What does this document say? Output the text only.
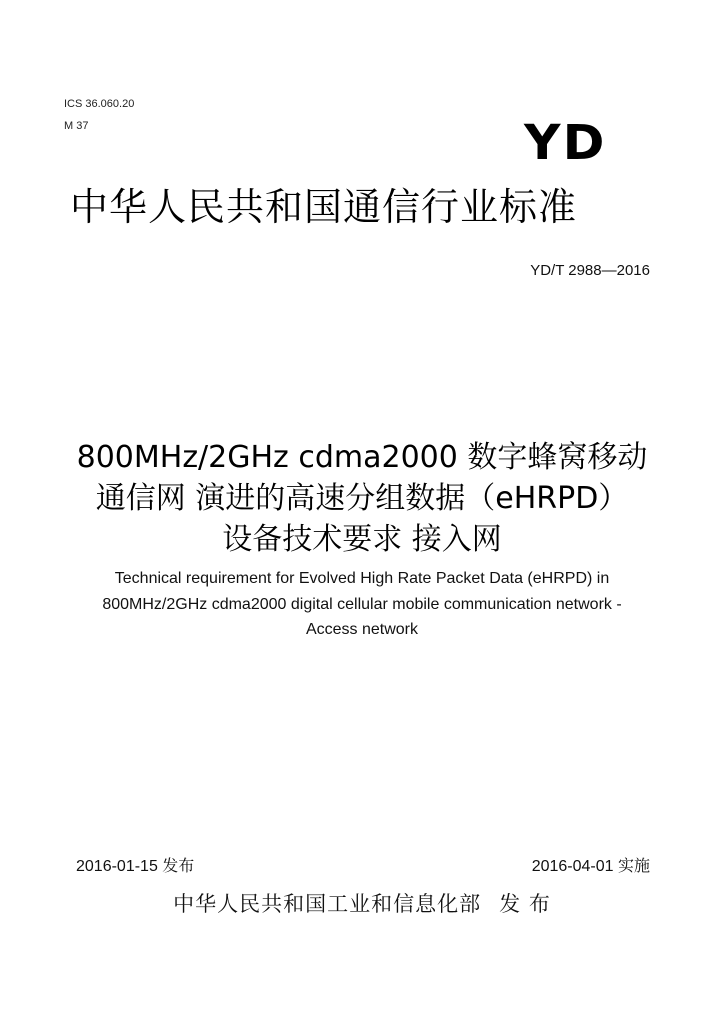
ICS 36.060.20
M 37	YD
中华人民共和国通信行业标准
YD/T 2988—2016
800MHz/2GHz cdma2000 数字蜂窝移动
通信网 演进的高速分组数据（eHRPD）
设备技术要求 接入网
Technical requirement for Evolved High Rate Packet Data (eHRPD) in
800MHz/2GHz cdma2000 digital cellular mobile communication network -
Access network
2016-01-15 发布	2016-04-01 实施
中华人民共和国工业和信息化部 发 布
